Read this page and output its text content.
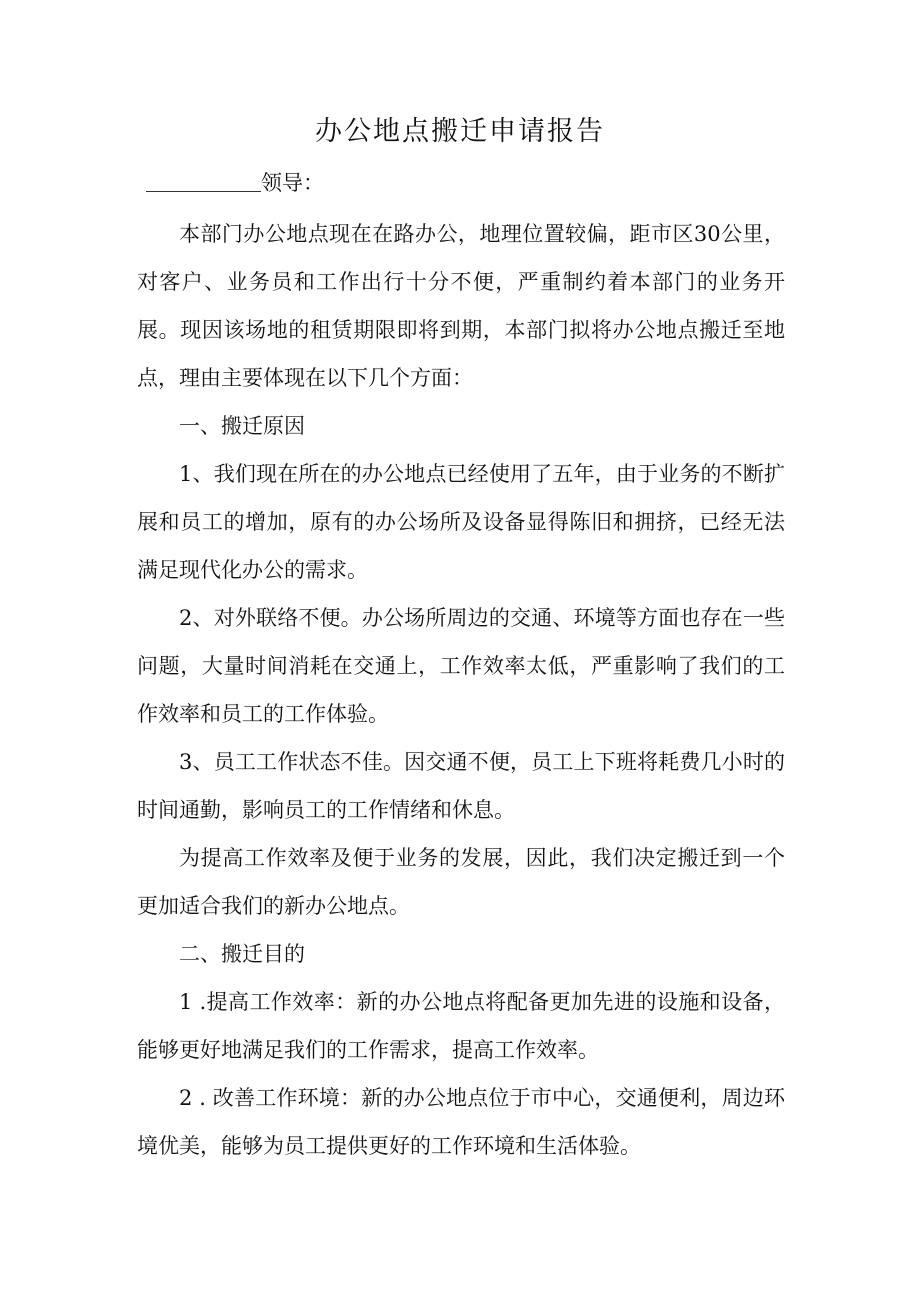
办公地点搬迁申请报告
领导：

本部门办公地点现在在路办公，地理位置较偏，距市区30公里，对客户、业务员和工作出行十分不便，严重制约着本部门的业务开展。现因该场地的租赁期限即将到期，本部门拟将办公地点搬迁至地点，理由主要体现在以下几个方面：

一、搬迁原因

1、我们现在所在的办公地点已经使用了五年，由于业务的不断扩展和员工的增加，原有的办公场所及设备显得陈旧和拥挤，已经无法满足现代化办公的需求。

2、对外联络不便。办公场所周边的交通、环境等方面也存在一些问题，大量时间消耗在交通上，工作效率太低，严重影响了我们的工作效率和员工的工作体验。

3、员工工作状态不佳。因交通不便，员工上下班将耗费几小时的时间通勤，影响员工的工作情绪和休息。

为提高工作效率及便于业务的发展，因此，我们决定搬迁到一个更加适合我们的新办公地点。

二、搬迁目的

1 .提高工作效率：新的办公地点将配备更加先进的设施和设备，能够更好地满足我们的工作需求，提高工作效率。

2 . 改善工作环境：新的办公地点位于市中心，交通便利，周边环境优美，能够为员工提供更好的工作环境和生活体验。
